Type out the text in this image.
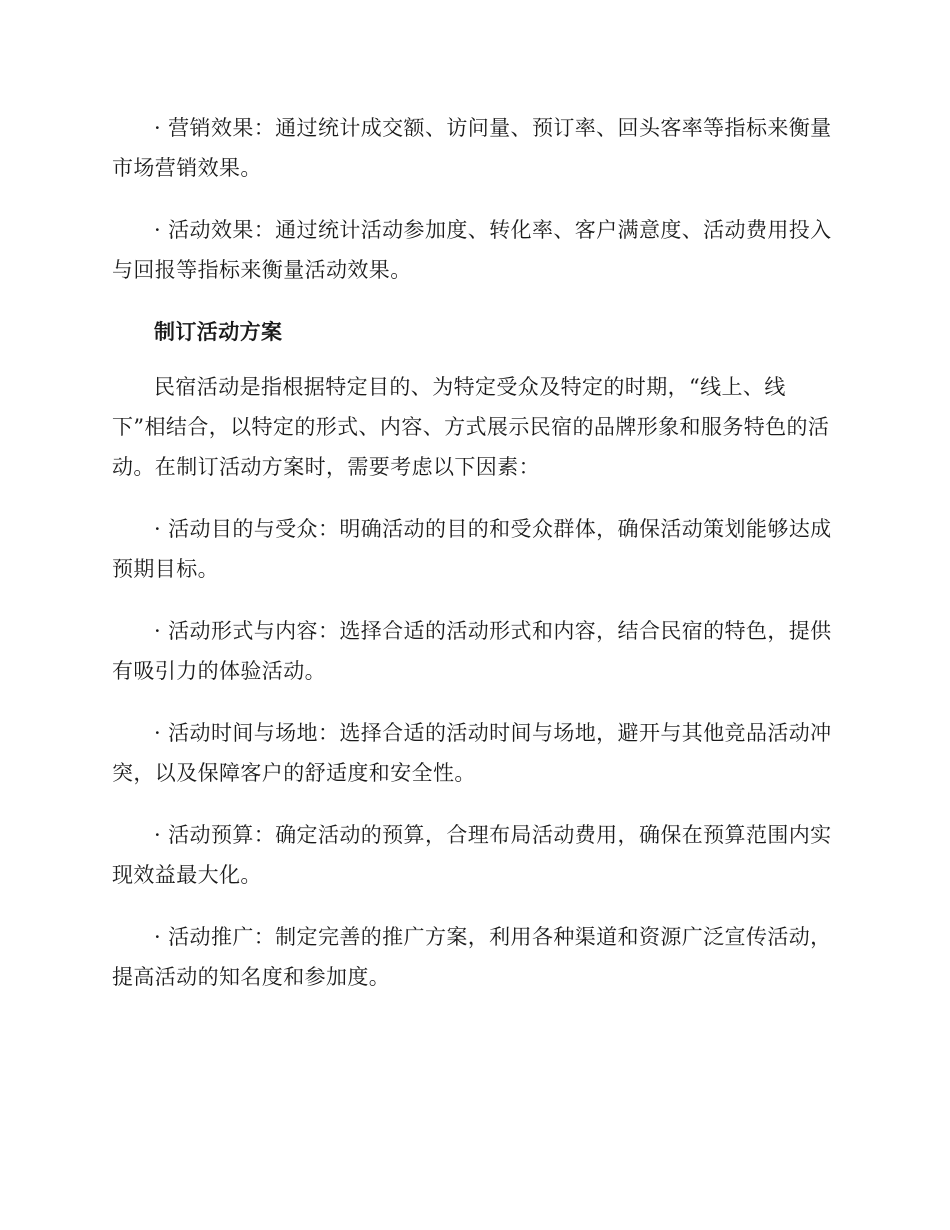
· 营销效果：通过统计成交额、访问量、预订率、回头客率等指标来衡量市场营销效果。

· 活动效果：通过统计活动参加度、转化率、客户满意度、活动费用投入与回报等指标来衡量活动效果。

制订活动方案

民宿活动是指根据特定目的、为特定受众及特定的时期，“线上、线下”相结合，以特定的形式、内容、方式展示民宿的品牌形象和服务特色的活动。在制订活动方案时，需要考虑以下因素：

· 活动目的与受众：明确活动的目的和受众群体，确保活动策划能够达成预期目标。

· 活动形式与内容：选择合适的活动形式和内容，结合民宿的特色，提供有吸引力的体验活动。

· 活动时间与场地：选择合适的活动时间与场地，避开与其他竞品活动冲突，以及保障客户的舒适度和安全性。

· 活动预算：确定活动的预算，合理布局活动费用，确保在预算范围内实现效益最大化。

· 活动推广：制定完善的推广方案，利用各种渠道和资源广泛宣传活动，提高活动的知名度和参加度。
